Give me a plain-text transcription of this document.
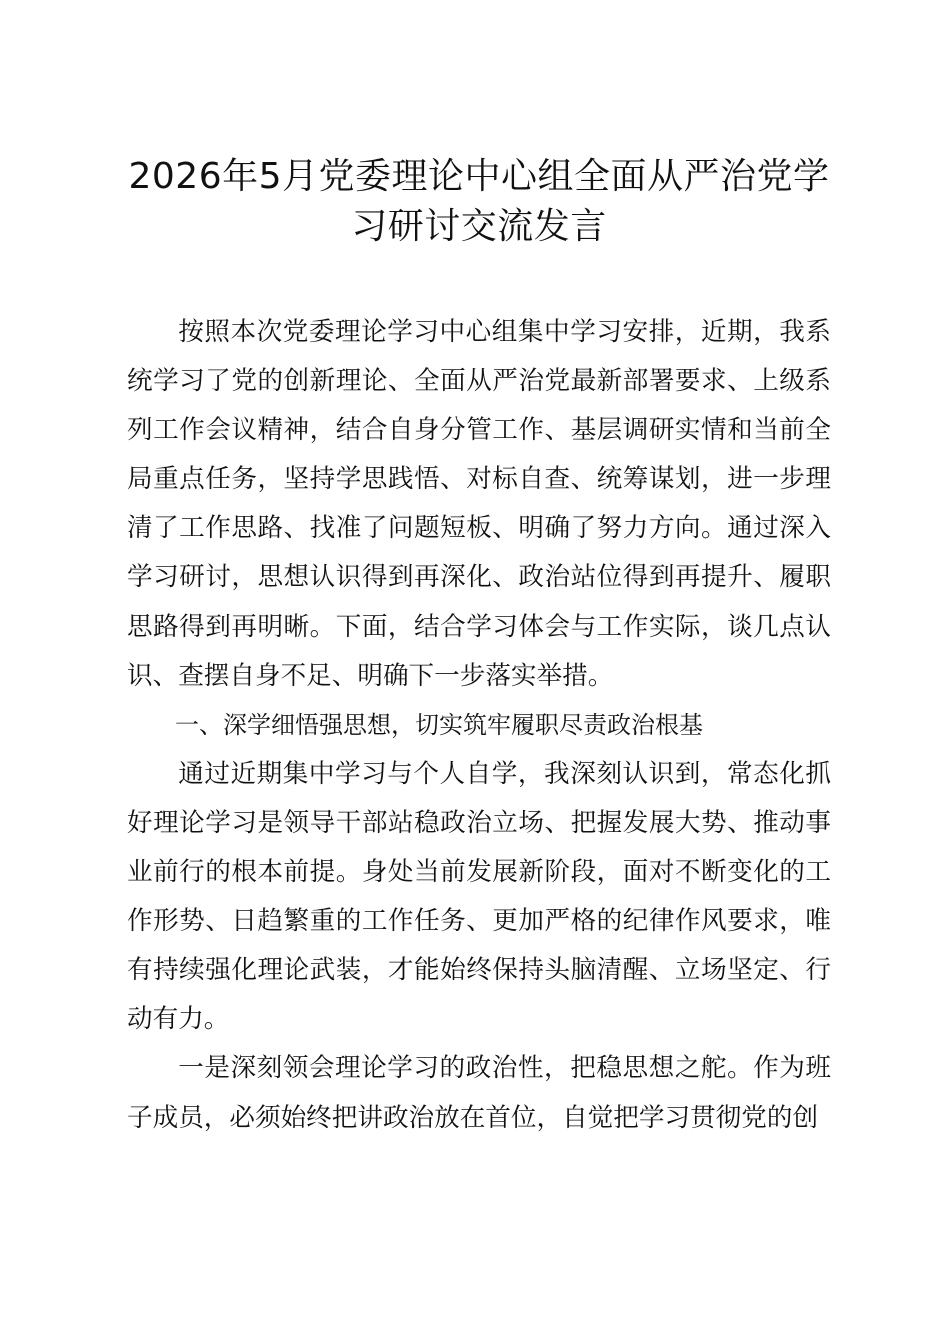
2026年5月党委理论中心组全面从严治党学习研讨交流发言

按照本次党委理论学习中心组集中学习安排，近期，我系统学习了党的创新理论、全面从严治党最新部署要求、上级系列工作会议精神，结合自身分管工作、基层调研实情和当前全局重点任务，坚持学思践悟、对标自查、统筹谋划，进一步理清了工作思路、找准了问题短板、明确了努力方向。通过深入学习研讨，思想认识得到再深化、政治站位得到再提升、履职思路得到再明晰。下面，结合学习体会与工作实际，谈几点认识、查摆自身不足、明确下一步落实举措。

一、深学细悟强思想，切实筑牢履职尽责政治根基

通过近期集中学习与个人自学，我深刻认识到，常态化抓好理论学习是领导干部站稳政治立场、把握发展大势、推动事业前行的根本前提。身处当前发展新阶段，面对不断变化的工作形势、日趋繁重的工作任务、更加严格的纪律作风要求，唯有持续强化理论武装，才能始终保持头脑清醒、立场坚定、行动有力。

一是深刻领会理论学习的政治性，把稳思想之舵。作为班子成员，必须始终把讲政治放在首位，自觉把学习贯彻党的创
